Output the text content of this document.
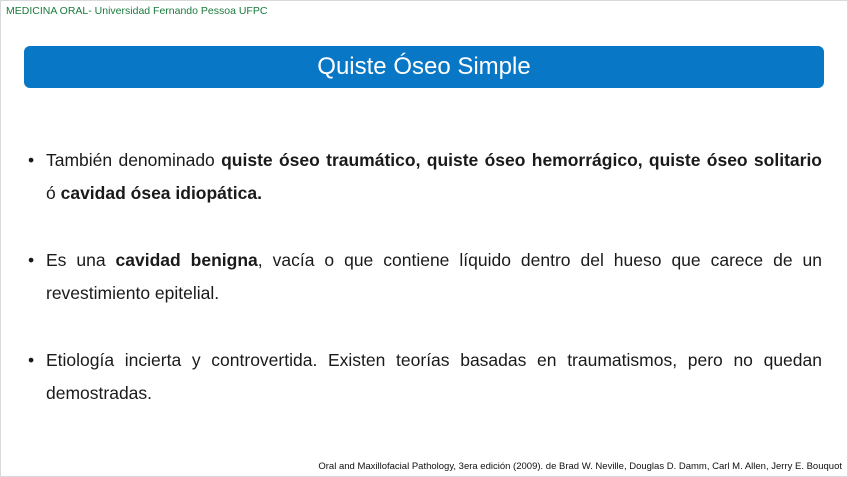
MEDICINA ORAL- Universidad Fernando Pessoa UFPC
Quiste Óseo Simple
• También denominado quiste óseo traumático, quiste óseo hemorrágico, quiste óseo solitario ó cavidad ósea idiopática.
• Es una cavidad benigna, vacía o que contiene líquido dentro del hueso que carece de un revestimiento epitelial.
• Etiología incierta y controvertida. Existen teorías basadas en traumatismos, pero no quedan demostradas.
Oral and Maxillofacial Pathology, 3era edición (2009). de Brad W. Neville, Douglas D. Damm, Carl M. Allen, Jerry E. Bouquot
